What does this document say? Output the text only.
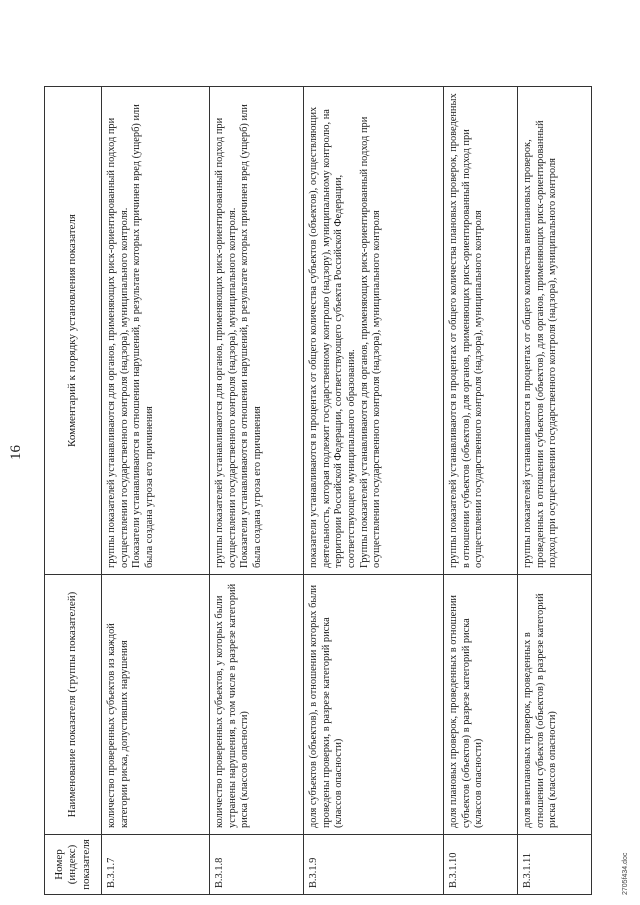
16
Номер (индекс) показателя	Наименование показателя (группы показателей)	Комментарий к порядку установления показателя
В.3.1.7	количество проверенных субъектов из каждой категории риска, допустивших нарушения	группы показателей устанавливаются для органов, применяющих риск-ориентированный подход при осуществлении государственного контроля (надзора), муниципального контроля.
Показатели устанавливаются в отношении нарушений, в результате которых причинен вред (ущерб) или была создана угроза его причинения
В.3.1.8	количество проверенных субъектов, у которых были устранены нарушения, в том числе в разрезе категорий риска (классов опасности)	группы показателей устанавливаются для органов, применяющих риск-ориентированный подход при осуществлении государственного контроля (надзора), муниципального контроля.
Показатели устанавливаются в отношении нарушений, в результате которых причинен вред (ущерб) или была создана угроза его причинения
В.3.1.9	доля субъектов (объектов), в отношении которых были проведены проверки, в разрезе категорий риска (классов опасности)	показатели устанавливаются в процентах от общего количества субъектов (объектов), осуществляющих деятельность, которая подлежит государственному контролю (надзору), муниципальному контролю, на территории Российской Федерации, соответствующего субъекта Российской Федерации, соответствующего муниципального образования.
Группы показателей устанавливаются для органов, применяющих риск-ориентированный подход при осуществлении государственного контроля (надзора), муниципального контроля
В.3.1.10	доля плановых проверок, проведенных в отношении субъектов (объектов) в разрезе категорий риска (классов опасности)	группы показателей устанавливаются в процентах от общего количества плановых проверок, проведенных в отношении субъектов (объектов), для органов, применяющих риск-ориентированный подход при осуществлении государственного контроля (надзора), муниципального контроля
В.3.1.11	доля внеплановых проверок, проведенных в отношении субъектов (объектов) в разрезе категорий риска (классов опасности)	группы показателей устанавливаются в процентах от общего количества внеплановых проверок, проведенных в отношении субъектов (объектов), для органов, применяющих риск-ориентированный подход при осуществлении государственного контроля (надзора), муниципального контроля
2705f434.doc
